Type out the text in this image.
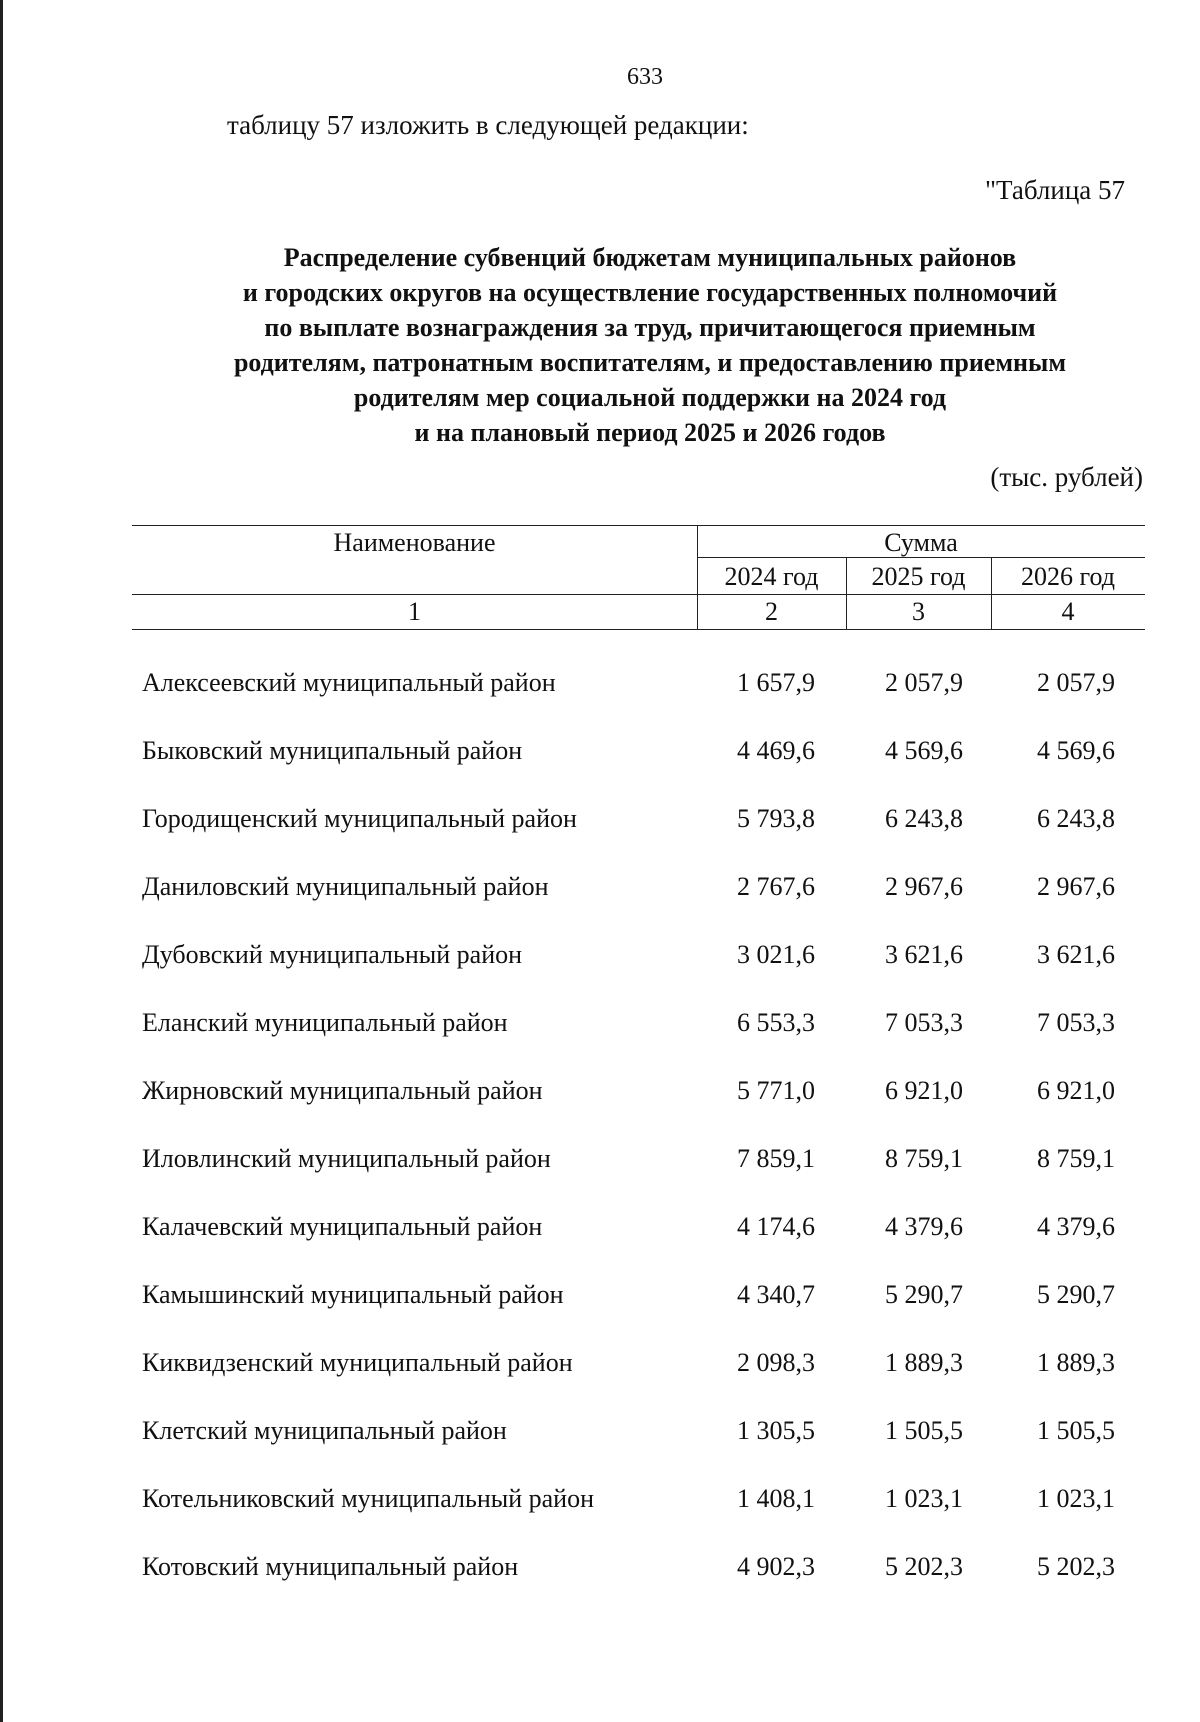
633
таблицу 57 изложить в следующей редакции:
"Таблица 57
Распределение субвенций бюджетам муниципальных районов
и городских округов на осуществление государственных полномочий
по выплате вознаграждения за труд, причитающегося приемным
родителям, патронатным воспитателям, и предоставлению приемным
родителям мер социальной поддержки на 2024 год
и на плановый период 2025 и 2026 годов
(тыс. рублей)
Наименование	Сумма
2024 год	2025 год	2026 год
1	2	3	4
Алексеевский муниципальный район	1 657,9	2 057,9	2 057,9
Быковский муниципальный район	4 469,6	4 569,6	4 569,6
Городищенский муниципальный район	5 793,8	6 243,8	6 243,8
Даниловский муниципальный район	2 767,6	2 967,6	2 967,6
Дубовский муниципальный район	3 021,6	3 621,6	3 621,6
Еланский муниципальный район	6 553,3	7 053,3	7 053,3
Жирновский муниципальный район	5 771,0	6 921,0	6 921,0
Иловлинский муниципальный район	7 859,1	8 759,1	8 759,1
Калачевский муниципальный район	4 174,6	4 379,6	4 379,6
Камышинский муниципальный район	4 340,7	5 290,7	5 290,7
Киквидзенский муниципальный район	2 098,3	1 889,3	1 889,3
Клетский муниципальный район	1 305,5	1 505,5	1 505,5
Котельниковский муниципальный район	1 408,1	1 023,1	1 023,1
Котовский муниципальный район	4 902,3	5 202,3	5 202,3
